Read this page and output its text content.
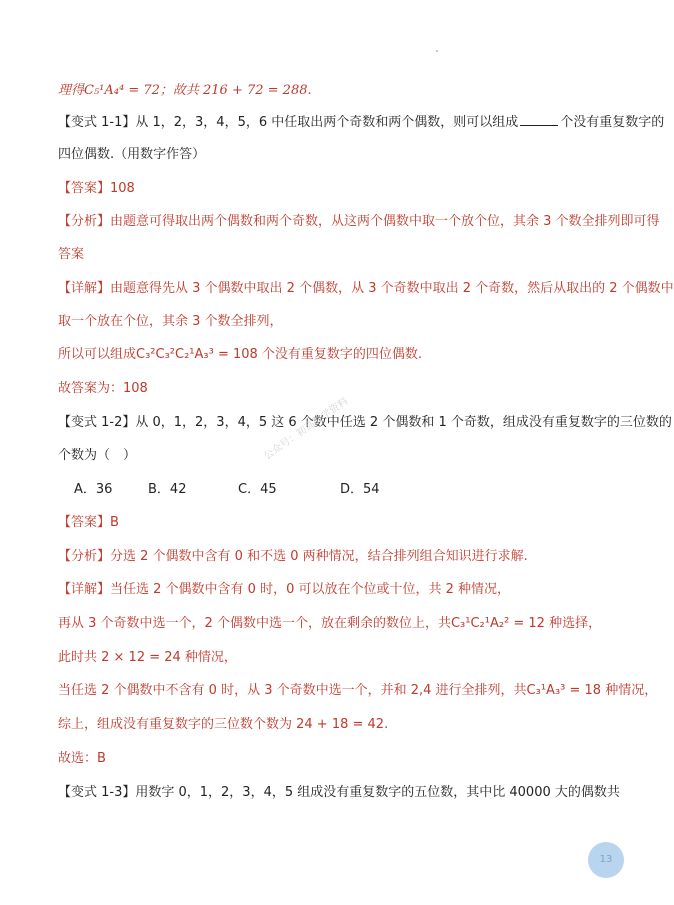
理得C₅¹A₄⁴ = 72；故共 216 + 72 = 288.
【变式 1-1】从 1，2，3，4，5，6 中任取出两个奇数和两个偶数，则可以组成	个没有重复数字的
四位偶数.（用数字作答）
【答案】108
【分析】由题意可得取出两个偶数和两个奇数，从这两个偶数中取一个放个位，其余 3 个数全排列即可得
答案
【详解】由题意得先从 3 个偶数中取出 2 个偶数，从 3 个奇数中取出 2 个奇数，然后从取出的 2 个偶数中
取一个放在个位，其余 3 个数全排列，
所以可以组成C₃²C₃²C₂¹A₃³ = 108 个没有重复数字的四位偶数.
故答案为：108
【变式 1-2】从 0，1，2，3，4，5 这 6 个数中任选 2 个偶数和 1 个奇数，组成没有重复数字的三位数的
个数为（　）
A．36	B．42	C．45	D．54
【答案】B
【分析】分选 2 个偶数中含有 0 和不选 0 两种情况，结合排列组合知识进行求解.
【详解】当任选 2 个偶数中含有 0 时，0 可以放在个位或十位，共 2 种情况，
再从 3 个奇数中选一个，2 个偶数中选一个，放在剩余的数位上，共C₃¹C₂¹A₂² = 12 种选择，
此时共 2 × 12 = 24 种情况，
当任选 2 个偶数中不含有 0 时，从 3 个奇数中选一个，并和 2,4 进行全排列，共C₃¹A₃³ = 18 种情况，
综上，组成没有重复数字的三位数个数为 24 + 18 = 42.
故选：B
【变式 1-3】用数字 0，1，2，3，4，5 组成没有重复数字的五位数，其中比 40000 大的偶数共
公众号：初高数学资料
13
